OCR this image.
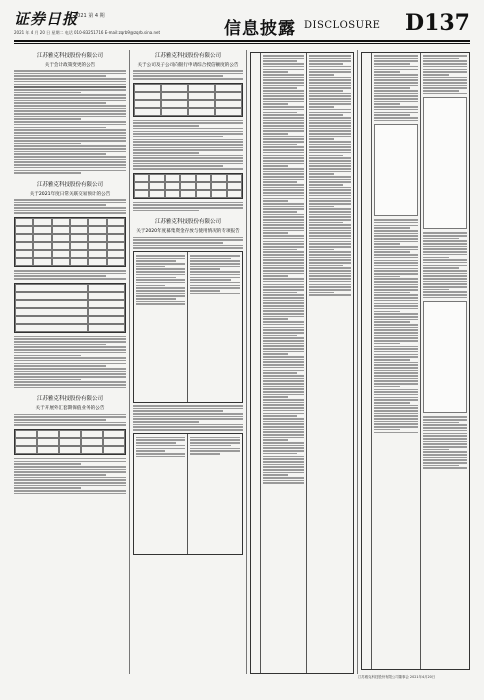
证券日报
2021 第 4 期
2021 年 4 月 20 日 星期二 电话 010-83251716 E-mail:zqrb9@zqrb.sina.net	信息披露 DISCLOSURE D137
江苏雅克科技股份有限公司
关于会计政策变更的公告
江苏雅克科技股份有限公司
关于2021年度日常关联交易预计的公告
江苏雅克科技股份有限公司
关于开展外汇套期保值业务的公告
江苏雅克科技股份有限公司
关于公司及子公司向银行申请综合授信额度的公告
江苏雅克科技股份有限公司
关于2020年度募集资金存放与使用情况的专项报告
江苏雅克科技股份有限公司董事会 2021年4月20日
